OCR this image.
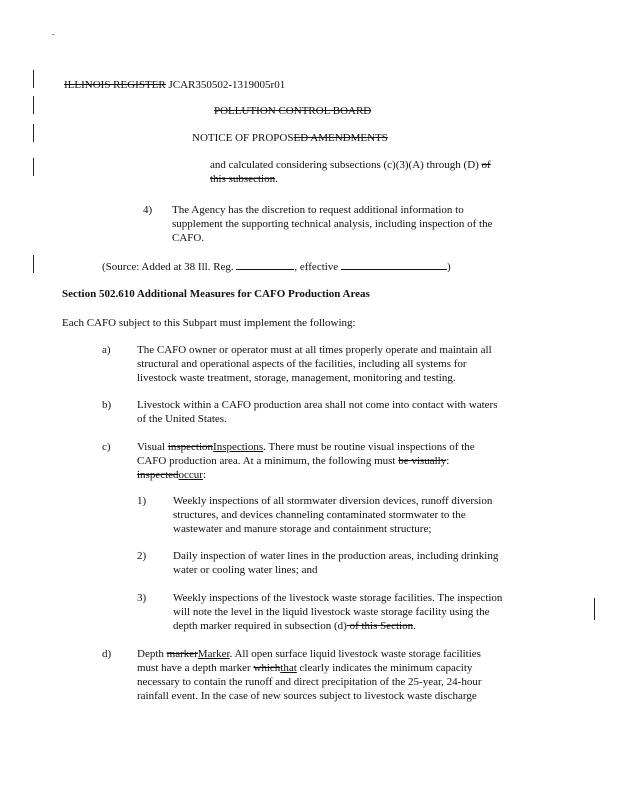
-
ILLINOIS REGISTER JCAR350502-1319005r01
POLLUTION CONTROL BOARD
NOTICE OF PROPOSED AMENDMENTS
and calculated considering subsections (c)(3)(A) through (D) of
this subsection.
4) The Agency has the discretion to request additional information to
supplement the supporting technical analysis, including inspection of the
CAFO.
(Source: Added at 38 Ill. Reg.	, effective	)
Section 502.610 Additional Measures for CAFO Production Areas
Each CAFO subject to this Subpart must implement the following:
a) The CAFO owner or operator must at all times properly operate and maintain all
structural and operational aspects of the facilities, including all systems for
livestock waste treatment, storage, management, monitoring and testing.
b) Livestock within a CAFO production area shall not come into contact with waters
of the United States.
c) Visual inspectionInspections. There must be routine visual inspections of the
CAFO production area. At a minimum, the following must be visually:
inspectedoccur:
1) Weekly inspections of all stormwater diversion devices, runoff diversion
structures, and devices channeling contaminated stormwater to the
wastewater and manure storage and containment structure;
2) Daily inspection of water lines in the production areas, including drinking
water or cooling water lines; and
3) Weekly inspections of the livestock waste storage facilities. The inspection
will note the level in the liquid livestock waste storage facility using the
depth marker required in subsection (d) of this Section.
d) Depth markerMarker. All open surface liquid livestock waste storage facilities
must have a depth marker whichthat clearly indicates the minimum capacity
necessary to contain the runoff and direct precipitation of the 25-year, 24-hour
rainfall event. In the case of new sources subject to livestock waste discharge
